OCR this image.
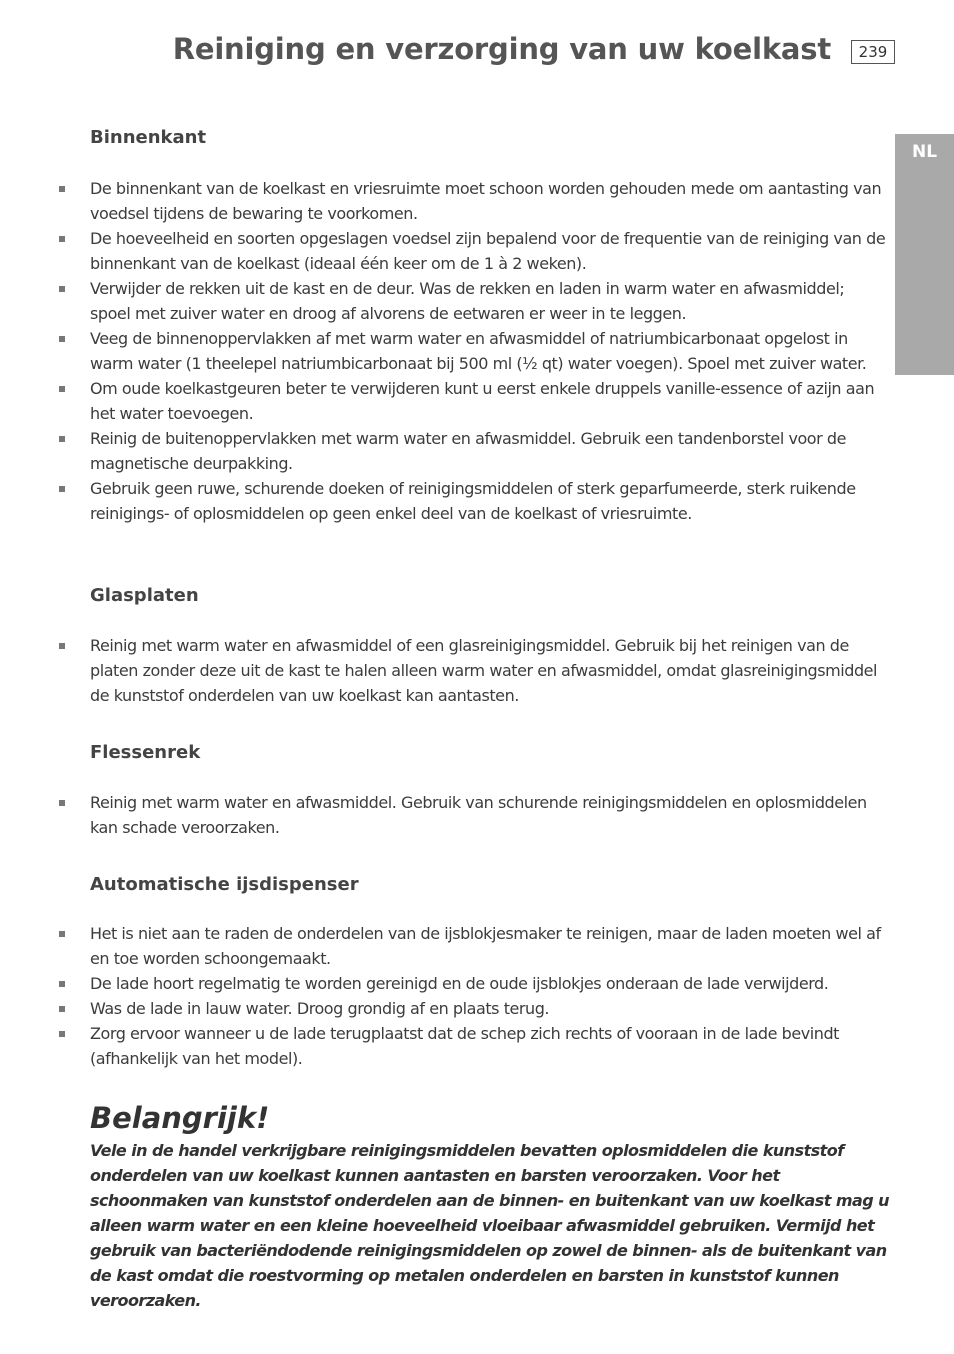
Reiniging en verzorging van uw koelkast	239
NL
Binnenkant
De binnenkant van de koelkast en vriesruimte moet schoon worden gehouden mede om aantasting van voedsel tijdens de bewaring te voorkomen.
De hoeveelheid en soorten opgeslagen voedsel zijn bepalend voor de frequentie van de reiniging van de binnenkant van de koelkast (ideaal één keer om de 1 à 2 weken).
Verwijder de rekken uit de kast en de deur. Was de rekken en laden in warm water en afwasmiddel; spoel met zuiver water en droog af alvorens de eetwaren er weer in te leggen.
Veeg de binnenoppervlakken af met warm water en afwasmiddel of natriumbicarbonaat opgelost in warm water (1 theelepel natriumbicarbonaat bij 500 ml (½ qt) water voegen). Spoel met zuiver water.
Om oude koelkastgeuren beter te verwijderen kunt u eerst enkele druppels vanille-essence of azijn aan het water toevoegen.
Reinig de buitenoppervlakken met warm water en afwasmiddel. Gebruik een tandenborstel voor de magnetische deurpakking.
Gebruik geen ruwe, schurende doeken of reinigingsmiddelen of sterk geparfumeerde, sterk ruikende reinigings- of oplosmiddelen op geen enkel deel van de koelkast of vriesruimte.
Glasplaten
Reinig met warm water en afwasmiddel of een glasreinigingsmiddel. Gebruik bij het reinigen van de platen zonder deze uit de kast te halen alleen warm water en afwasmiddel, omdat glasreinigingsmiddel de kunststof onderdelen van uw koelkast kan aantasten.
Flessenrek
Reinig met warm water en afwasmiddel. Gebruik van schurende reinigingsmiddelen en oplosmiddelen kan schade veroorzaken.
Automatische ijsdispenser
Het is niet aan te raden de onderdelen van de ijsblokjesmaker te reinigen, maar de laden moeten wel af en toe worden schoongemaakt.
De lade hoort regelmatig te worden gereinigd en de oude ijsblokjes onderaan de lade verwijderd.
Was de lade in lauw water. Droog grondig af en plaats terug.
Zorg ervoor wanneer u de lade terugplaatst dat de schep zich rechts of vooraan in de lade bevindt (afhankelijk van het model).
Belangrijk!

Vele in de handel verkrijgbare reinigingsmiddelen bevatten oplosmiddelen die kunststof onderdelen van uw koelkast kunnen aantasten en barsten veroorzaken. Voor het schoonmaken van kunststof onderdelen aan de binnen- en buitenkant van uw koelkast mag u alleen warm water en een kleine hoeveelheid vloeibaar afwasmiddel gebruiken. Vermijd het gebruik van bacteriëndodende reinigingsmiddelen op zowel de binnen- als de buitenkant van de kast omdat die roestvorming op metalen onderdelen en barsten in kunststof kunnen veroorzaken.
